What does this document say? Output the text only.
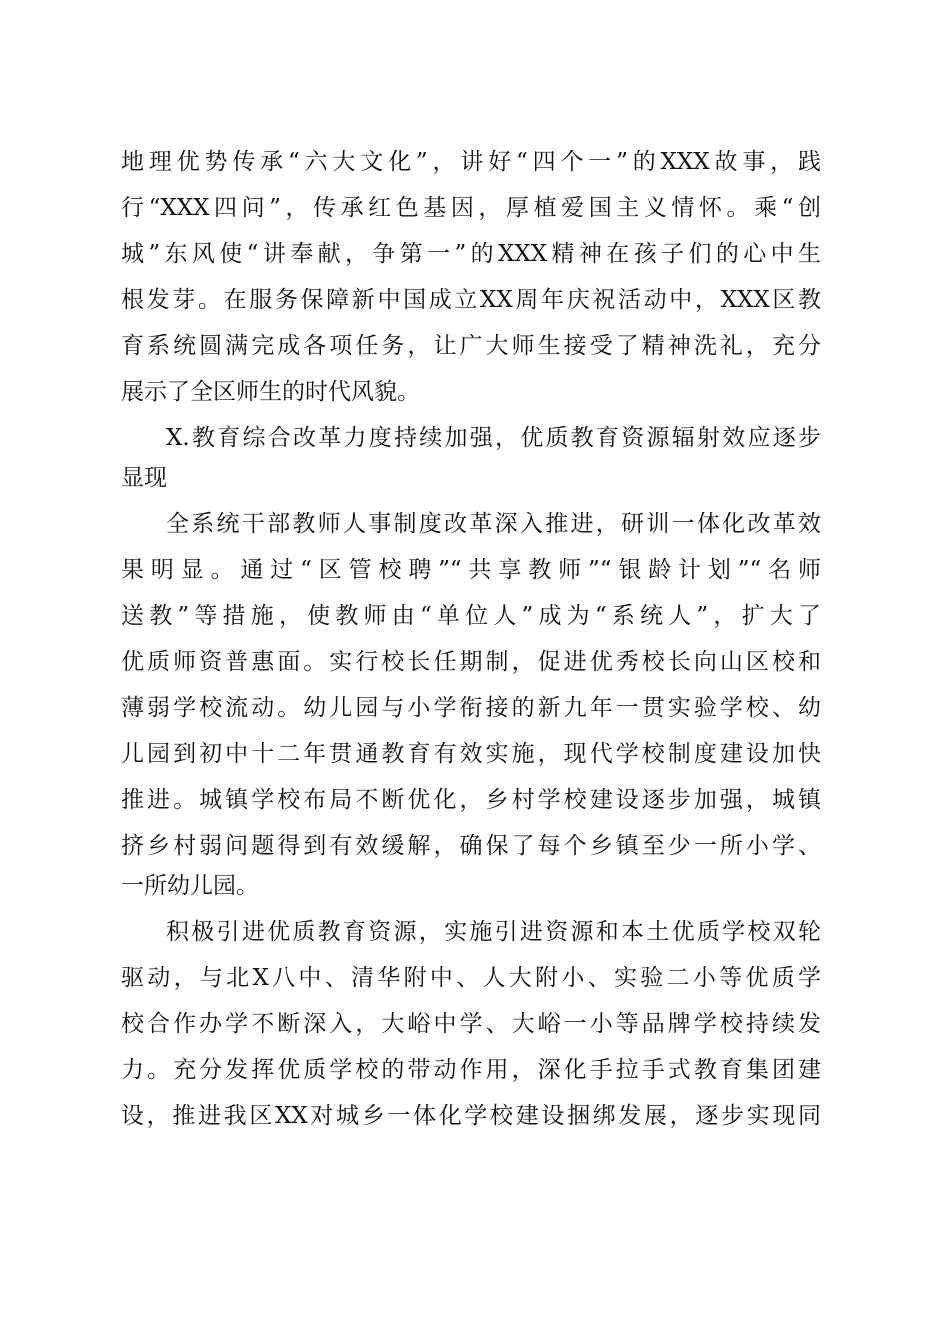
地理优势传承“六大文化”，讲好“四个一”的XXX故事，践
行“XXX四问”，传承红色基因，厚植爱国主义情怀。乘“创
城”东风使“讲奉献，争第一”的XXX精神在孩子们的心中生
根发芽。在服务保障新中国成立XX周年庆祝活动中，XXX区教
育系统圆满完成各项任务，让广大师生接受了精神洗礼，充分
展示了全区师生的时代风貌。
X.教育综合改革力度持续加强，优质教育资源辐射效应逐步
显现
全系统干部教师人事制度改革深入推进，研训一体化改革效
果明显。通过“区管校聘”“共享教师”“银龄计划”“名师
送教”等措施，使教师由“单位人”成为“系统人”，扩大了
优质师资普惠面。实行校长任期制，促进优秀校长向山区校和
薄弱学校流动。幼儿园与小学衔接的新九年一贯实验学校、幼
儿园到初中十二年贯通教育有效实施，现代学校制度建设加快
推进。城镇学校布局不断优化，乡村学校建设逐步加强，城镇
挤乡村弱问题得到有效缓解，确保了每个乡镇至少一所小学、
一所幼儿园。
积极引进优质教育资源，实施引进资源和本土优质学校双轮
驱动，与北X八中、清华附中、人大附小、实验二小等优质学
校合作办学不断深入，大峪中学、大峪一小等品牌学校持续发
力。充分发挥优质学校的带动作用，深化手拉手式教育集团建
设，推进我区XX对城乡一体化学校建设捆绑发展，逐步实现同
